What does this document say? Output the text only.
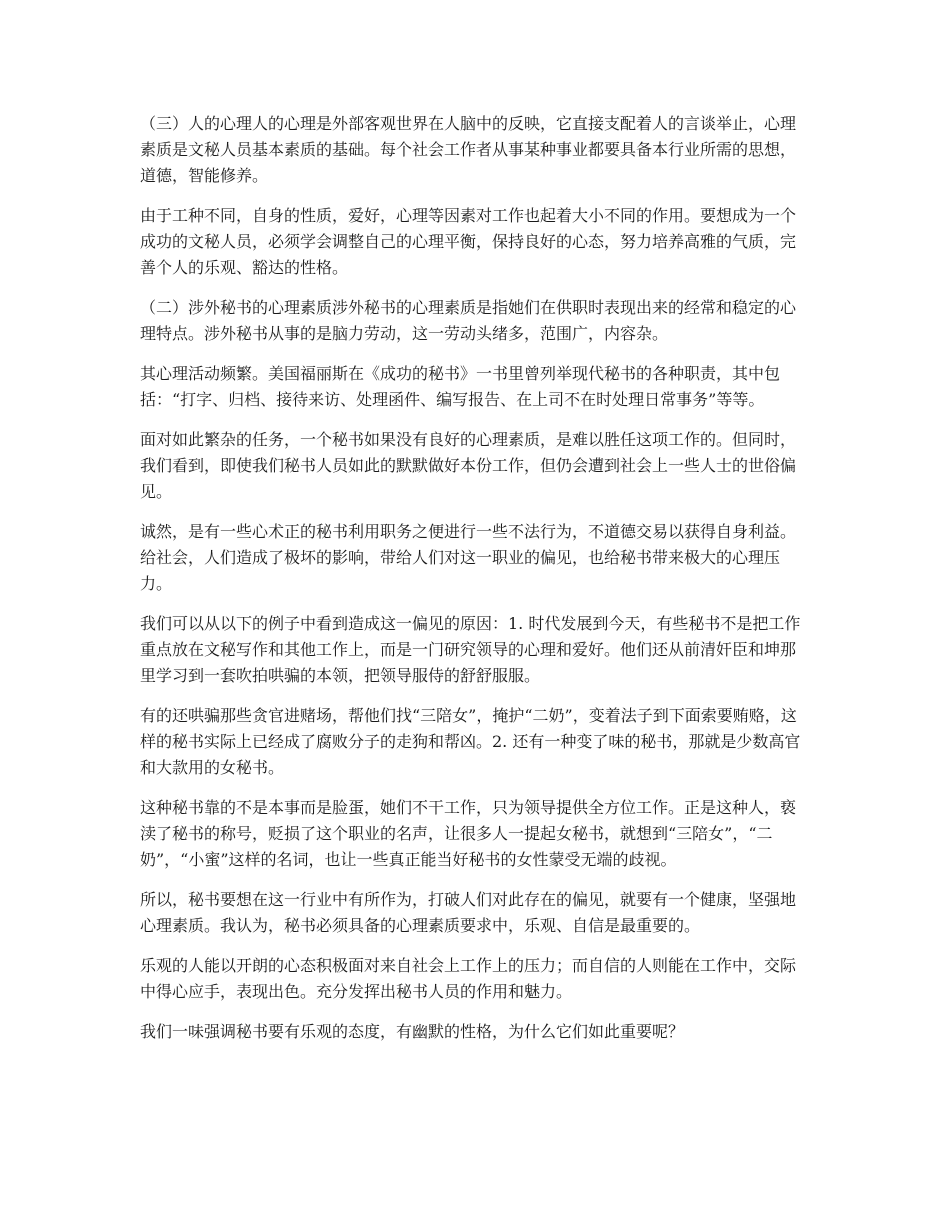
（三）人的心理人的心理是外部客观世界在人脑中的反映，它直接支配着人的言谈举止，心理素质是文秘人员基本素质的基础。每个社会工作者从事某种事业都要具备本行业所需的思想，道德，智能修养。

由于工种不同，自身的性质，爱好，心理等因素对工作也起着大小不同的作用。要想成为一个成功的文秘人员，必须学会调整自己的心理平衡，保持良好的心态，努力培养高雅的气质，完善个人的乐观、豁达的性格。

（二）涉外秘书的心理素质涉外秘书的心理素质是指她们在供职时表现出来的经常和稳定的心理特点。涉外秘书从事的是脑力劳动，这一劳动头绪多，范围广，内容杂。

其心理活动频繁。美国福丽斯在《成功的秘书》一书里曾列举现代秘书的各种职责，其中包括：“打字、归档、接待来访、处理函件、编写报告、在上司不在时处理日常事务”等等。

面对如此繁杂的任务，一个秘书如果没有良好的心理素质，是难以胜任这项工作的。但同时，我们看到，即使我们秘书人员如此的默默做好本份工作，但仍会遭到社会上一些人士的世俗偏见。

诚然，是有一些心术正的秘书利用职务之便进行一些不法行为，不道德交易以获得自身利益。给社会，人们造成了极坏的影响，带给人们对这一职业的偏见，也给秘书带来极大的心理压力。

我们可以从以下的例子中看到造成这一偏见的原因：1. 时代发展到今天，有些秘书不是把工作重点放在文秘写作和其他工作上，而是一门研究领导的心理和爱好。他们还从前清奸臣和坤那里学习到一套吹拍哄骗的本领，把领导服侍的舒舒服服。

有的还哄骗那些贪官进赌场，帮他们找“三陪女”，掩护“二奶”，变着法子到下面索要贿赂，这样的秘书实际上已经成了腐败分子的走狗和帮凶。2. 还有一种变了味的秘书，那就是少数高官和大款用的女秘书。

这种秘书靠的不是本事而是脸蛋，她们不干工作，只为领导提供全方位工作。正是这种人，亵渎了秘书的称号，贬损了这个职业的名声，让很多人一提起女秘书，就想到“三陪女”，“二奶”，“小蜜”这样的名词，也让一些真正能当好秘书的女性蒙受无端的歧视。

所以，秘书要想在这一行业中有所作为，打破人们对此存在的偏见，就要有一个健康，坚强地心理素质。我认为，秘书必须具备的心理素质要求中，乐观、自信是最重要的。

乐观的人能以开朗的心态积极面对来自社会上工作上的压力；而自信的人则能在工作中，交际中得心应手，表现出色。充分发挥出秘书人员的作用和魅力。

我们一味强调秘书要有乐观的态度，有幽默的性格，为什么它们如此重要呢？
